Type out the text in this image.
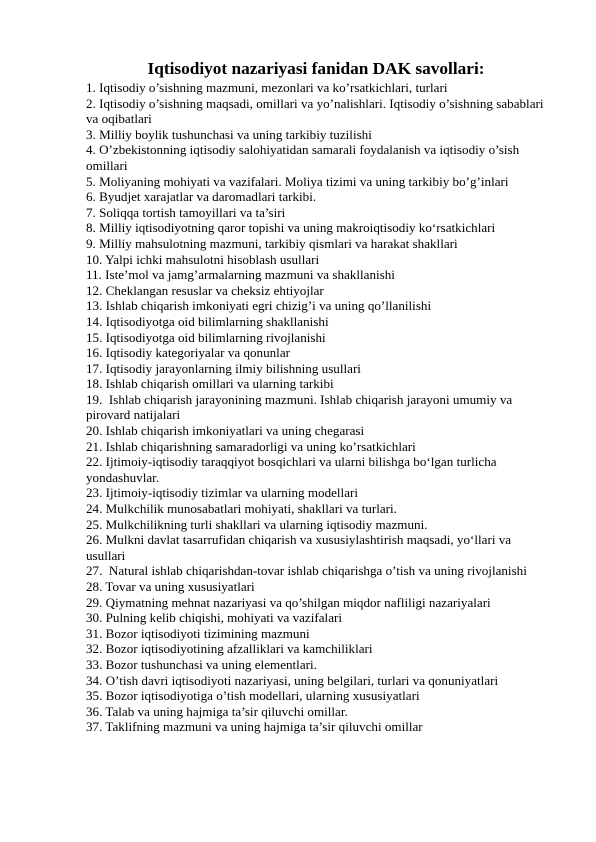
Iqtisodiyot nazariyasi fanidan DAK savollari:
1. Iqtisodiy o’sishning mazmuni, mezonlari va ko’rsatkichlari, turlari
2. Iqtisodiy o’sishning maqsadi, omillari va yo’nalishlari. Iqtisodiy o’sishning sabablari va oqibatlari
3. Milliy boylik tushunchasi va uning tarkibiy tuzilishi
4. O’zbekistonning iqtisodiy salohiyatidan samarali foydalanish va iqtisodiy o’sish omillari
5. Moliyaning mohiyati va vazifalari. Moliya tizimi va uning tarkibiy bo’g’inlari
6. Byudjet xarajatlar va daromadlari tarkibi.
7. Soliqqa tortish tamoyillari va ta’siri
8. Milliy iqtisodiyotning qaror topishi va uning makroiqtisodiy ko‘rsatkichlari
9. Milliy mahsulotning mazmuni, tarkibiy qismlari va harakat shakllari
10. Yalpi ichki mahsulotni hisoblash usullari
11. Iste’mol va jamg’armalarning mazmuni va shakllanishi
12. Cheklangan resuslar va cheksiz ehtiyojlar
13. Ishlab chiqarish imkoniyati egri chizig’i va uning qo’llanilishi
14. Iqtisodiyotga oid bilimlarning shakllanishi
15. Iqtisodiyotga oid bilimlarning rivojlanishi
16. Iqtisodiy kategoriyalar va qonunlar
17. Iqtisodiy jarayonlarning ilmiy bilishning usullari
18. Ishlab chiqarish omillari va ularning tarkibi
19.  Ishlab chiqarish jarayonining mazmuni. Ishlab chiqarish jarayoni umumiy va pirovard natijalari
20. Ishlab chiqarish imkoniyatlari va uning chegarasi
21. Ishlab chiqarishning samaradorligi va uning ko’rsatkichlari
22. Ijtimoiy-iqtisodiy taraqqiyot bosqichlari va ularni bilishga bo‘lgan turlicha yondashuvlar.
23. Ijtimoiy-iqtisodiy tizimlar va ularning modellari
24. Mulkchilik munosabatlari mohiyati, shakllari va turlari.
25. Mulkchilikning turli shakllari va ularning iqtisodiy mazmuni.
26. Mulkni davlat tasarrufidan chiqarish va xususiylashtirish maqsadi, yo‘llari va usullari
27.  Natural ishlab chiqarishdan-tovar ishlab chiqarishga o’tish va uning rivojlanishi
28. Tovar va uning xususiyatlari
29. Qiymatning mehnat nazariyasi va qo’shilgan miqdor nafliligi nazariyalari
30. Pulning kelib chiqishi, mohiyati va vazifalari
31. Bozor iqtisodiyoti tizimining mazmuni
32. Bozor iqtisodiyotining afzalliklari va kamchiliklari
33. Bozor tushunchasi va uning elementlari.
34. O’tish davri iqtisodiyoti nazariyasi, uning belgilari, turlari va qonuniyatlari
35. Bozor iqtisodiyotiga o’tish modellari, ularning xususiyatlari
36. Talab va uning hajmiga ta’sir qiluvchi omillar.
37. Taklifning mazmuni va uning hajmiga ta’sir qiluvchi omillar
